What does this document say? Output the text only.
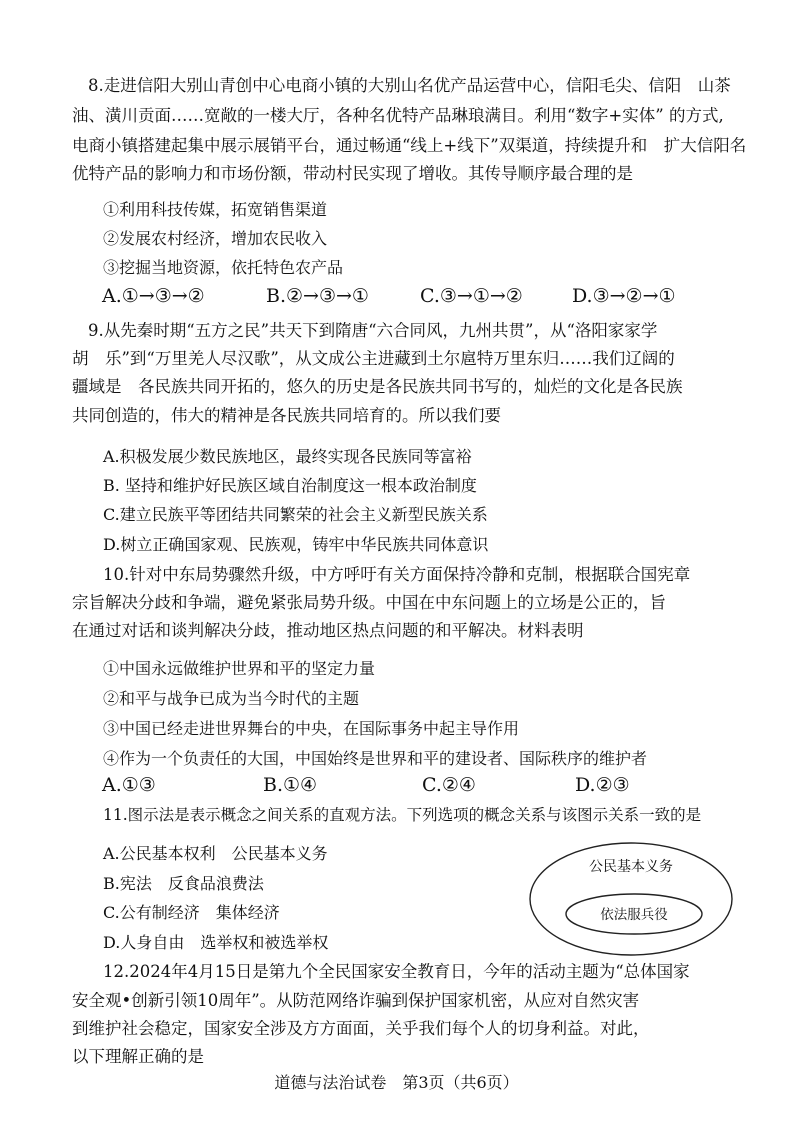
8.走进信阳大别山青创中心电商小镇的大别山名优产品运营中心，信阳毛尖、信阳　山茶
油、潢川贡面……宽敞的一楼大厅，各种名优特产品琳琅满目。利用“数字+实体” 的方式,
电商小镇搭建起集中展示展销平台，通过畅通“线上+线下”双渠道，持续提升和　扩大信阳名
优特产品的影响力和市场份额，带动村民实现了增收。其传导顺序最合理的是
①利用科技传媒，拓宽销售渠道
②发展农村经济，增加农民收入
③挖掘当地资源，依托特色农产品
A.①→③→②	B.②→③→①	C.③→①→②	D.③→②→①
9.从先秦时期“五方之民”共天下到隋唐“六合同风，九州共贯”，从“洛阳家家学
胡　乐”到“万里羌人尽汉歌”，从文成公主进藏到土尔扈特万里东归……我们辽阔的
疆域是　各民族共同开拓的，悠久的历史是各民族共同书写的，灿烂的文化是各民族
共同创造的，伟大的精神是各民族共同培育的。所以我们要
A.积极发展少数民族地区，最终实现各民族同等富裕
B. 坚持和维护好民族区域自治制度这一根本政治制度
C.建立民族平等团结共同繁荣的社会主义新型民族关系
D.树立正确国家观、民族观，铸牢中华民族共同体意识
10.针对中东局势骤然升级，中方呼吁有关方面保持冷静和克制，根据联合国宪章
宗旨解决分歧和争端，避免紧张局势升级。中国在中东问题上的立场是公正的，旨
在通过对话和谈判解决分歧，推动地区热点问题的和平解决。材料表明
①中国永远做维护世界和平的坚定力量
②和平与战争已成为当今时代的主题
③中国已经走进世界舞台的中央，在国际事务中起主导作用
④作为一个负责任的大国，中国始终是世界和平的建设者、国际秩序的维护者
A.①③	B.①④	C.②④	D.②③
11.图示法是表示概念之间关系的直观方法。下列选项的概念关系与该图示关系一致的是
A.公民基本权利　公民基本义务
B.宪法　反食品浪费法
C.公有制经济　集体经济
D.人身自由　选举权和被选举权
公民基本义务
依法服兵役
12.2024年4月15日是第九个全民国家安全教育日，今年的活动主题为“总体国家
安全观•创新引领10周年”。从防范网络诈骗到保护国家机密，从应对自然灾害
到维护社会稳定，国家安全涉及方方面面，关乎我们每个人的切身利益。对此，
以下理解正确的是
道德与法治试卷　第3页（共6页）
